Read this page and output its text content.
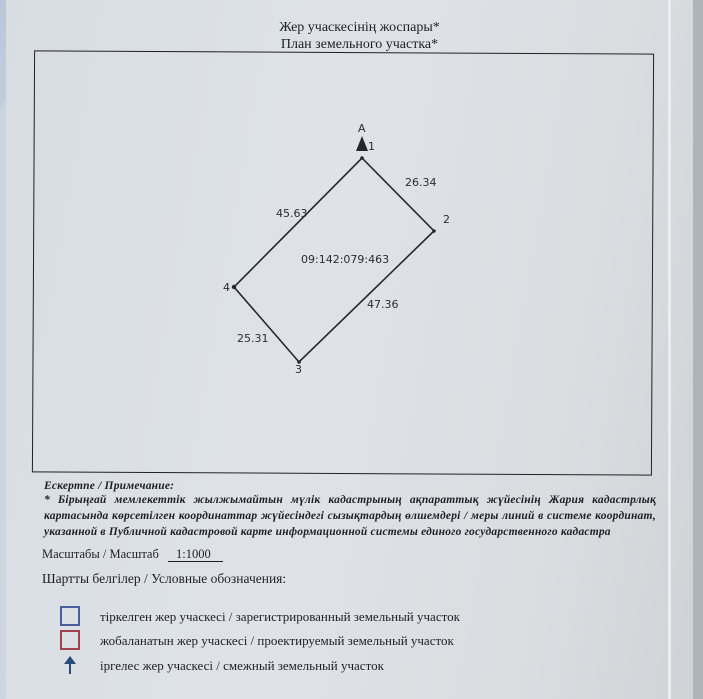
Жер учаскесінің жоспары*
План земельного участка*
A
1
2
3
4
26.34
47.36
25.31
45.63
09:142:079:463
Ескертпе / Примечание:
* Бірыңғай мемлекеттік жылжымайтын мүлік кадастрының ақпараттық жүйесінің Жария кадастрлық картасында көрсетілген координаттар жүйесіндегі сызықтардың өлшемдері / меры линий в системе координат, указанной в Публичной кадастровой карте информационной системы единого государственного кадастра
Масштабы / Масштаб 1:1000
Шартты белгілер / Условные обозначения:
тіркелген жер учаскесі / зарегистрированный земельный участок
жобаланатын жер учаскесі / проектируемый земельный участок
іргелес жер учаскесі / смежный земельный участок
